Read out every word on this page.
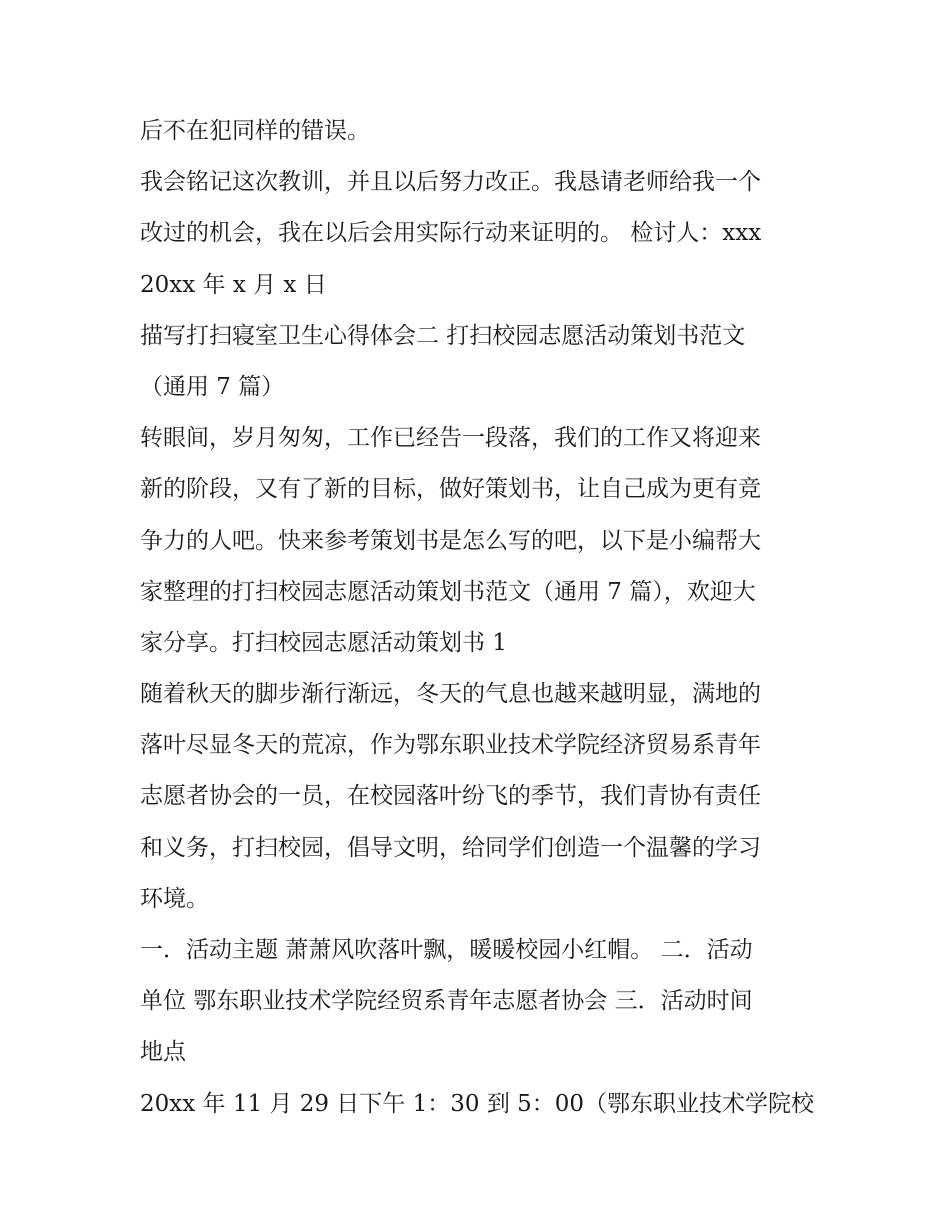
后不在犯同样的错误。
我会铭记这次教训，并且以后努力改正。我恳请老师给我一个
改过的机会，我在以后会用实际行动来证明的。 检讨人：xxx
20xx 年 x 月 x 日
描写打扫寝室卫生心得体会二 打扫校园志愿活动策划书范文
（通用 7 篇）
转眼间，岁月匆匆，工作已经告一段落，我们的工作又将迎来
新的阶段，又有了新的目标，做好策划书，让自己成为更有竞
争力的人吧。快来参考策划书是怎么写的吧，以下是小编帮大
家整理的打扫校园志愿活动策划书范文（通用 7 篇），欢迎大
家分享。打扫校园志愿活动策划书 1
随着秋天的脚步渐行渐远，冬天的气息也越来越明显，满地的
落叶尽显冬天的荒凉，作为鄂东职业技术学院经济贸易系青年
志愿者协会的一员，在校园落叶纷飞的季节，我们青协有责任
和义务，打扫校园，倡导文明，给同学们创造一个温馨的学习
环境。
一．活动主题 萧萧风吹落叶飘，暖暖校园小红帽。 二．活动
单位 鄂东职业技术学院经贸系青年志愿者协会 三．活动时间
地点
20xx 年 11 月 29 日下午 1：30 到 5：00（鄂东职业技术学院校
